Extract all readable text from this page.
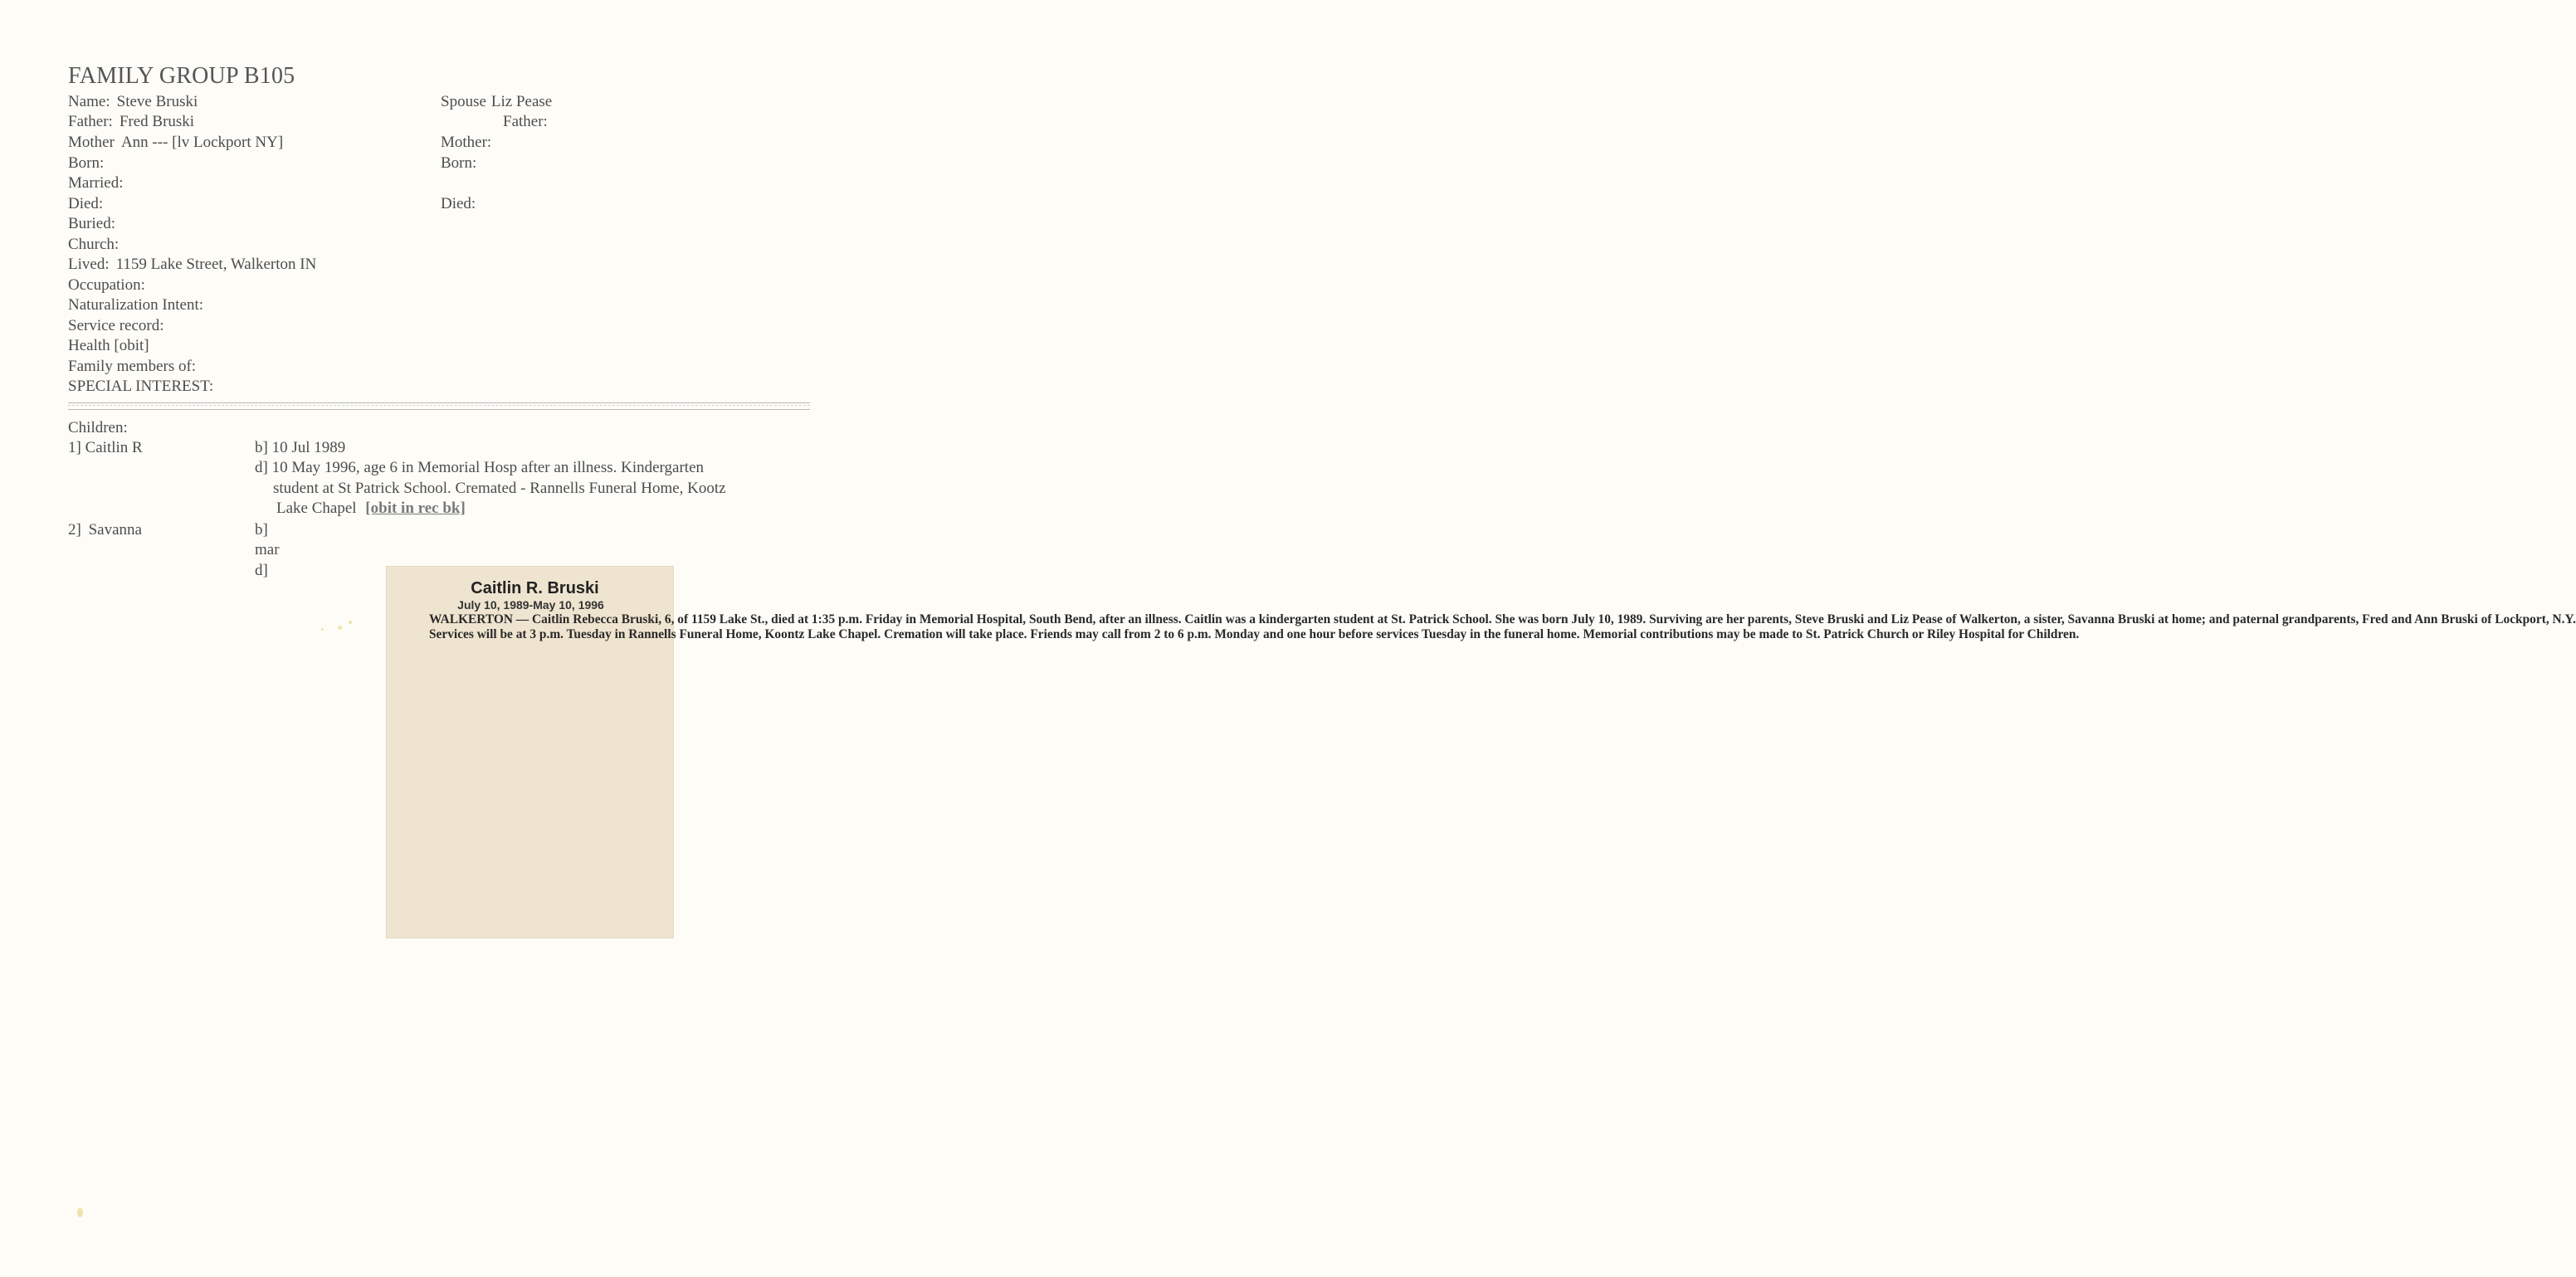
FAMILY GROUP B105
Name: Steve Bruski
Father: Fred Bruski
Mother Ann --- [lv Lockport NY]
Born:
Married:
Died:
Buried:
Church:
Lived: 1159 Lake Street, Walkerton IN
Occupation:
Naturalization Intent:
Service record:
Health [obit]
Family members of:
SPECIAL INTEREST:
Spouse Liz Pease
Father:
Mother:
Born:
Died:
Children:
1] Caitlin R	b] 10 Jul 1989
d] 10 May 1996, age 6 in Memorial Hosp after an illness. Kindergarten
student at St Patrick School. Cremated - Rannells Funeral Home, Kootz
Lake Chapel [obit in rec bk]
2] Savanna	b]
mar
d]
Caitlin R. Bruski
July 10, 1989-May 10, 1996

WALKERTON — Caitlin Rebecca Bruski, 6, of 1159 Lake St., died at 1:35 p.m. Friday in Memorial Hospital, South Bend, after an illness. Caitlin was a kindergarten student at St. Patrick School. She was born July 10, 1989. Surviving are her parents, Steve Bruski and Liz Pease of Walkerton, a sister, Savanna Bruski at home; and paternal grandparents, Fred and Ann Bruski of Lockport, N.Y.

Services will be at 3 p.m. Tuesday in Rannells Funeral Home, Koontz Lake Chapel. Cremation will take place. Friends may call from 2 to 6 p.m. Monday and one hour before services Tuesday in the funeral home. Memorial contributions may be made to St. Patrick Church or Riley Hospital for Children.
